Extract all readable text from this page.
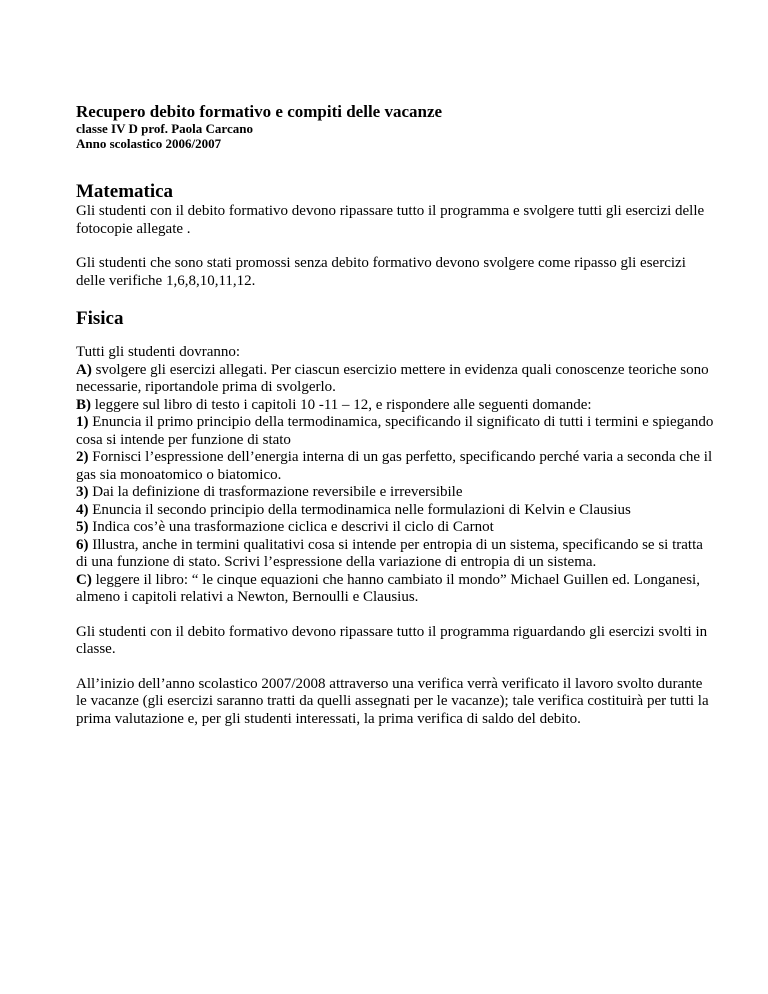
Recupero debito formativo e compiti delle vacanze
classe IV D prof. Paola Carcano
Anno scolastico 2006/2007
Matematica

Gli studenti con il debito formativo devono ripassare tutto il programma e svolgere tutti gli esercizi delle fotocopie allegate .

Gli studenti che sono stati promossi senza debito formativo devono svolgere come ripasso gli esercizi delle verifiche 1,6,8,10,11,12.

Fisica

Tutti gli studenti dovranno:

A) svolgere gli esercizi allegati. Per ciascun esercizio mettere in evidenza quali conoscenze teoriche sono necessarie, riportandole prima di svolgerlo.

B) leggere sul libro di testo i capitoli 10 -11 – 12, e rispondere alle seguenti domande:

1) Enuncia il primo principio della termodinamica, specificando il significato di tutti i termini e spiegando cosa si intende per funzione di stato

2) Fornisci l’espressione dell’energia interna di un gas perfetto, specificando perché varia a seconda che il gas sia monoatomico o biatomico.

3) Dai la definizione di trasformazione reversibile e irreversibile

4) Enuncia il secondo principio della termodinamica nelle formulazioni di Kelvin e Clausius

5) Indica cos’è una trasformazione ciclica e descrivi il ciclo di Carnot

6) Illustra, anche in termini qualitativi cosa si intende per entropia di un sistema, specificando se si tratta di una funzione di stato. Scrivi l’espressione della variazione di entropia di un sistema.

C) leggere il libro: “ le cinque equazioni che hanno cambiato il mondo” Michael Guillen ed. Longanesi, almeno i capitoli relativi a Newton, Bernoulli e Clausius.

Gli studenti con il debito formativo devono ripassare tutto il programma riguardando gli esercizi svolti in classe.

All’inizio dell’anno scolastico 2007/2008 attraverso una verifica verrà verificato il lavoro svolto durante le vacanze (gli esercizi saranno tratti da quelli assegnati per le vacanze); tale verifica costituirà per tutti la prima valutazione e, per gli studenti interessati, la prima verifica di saldo del debito.
